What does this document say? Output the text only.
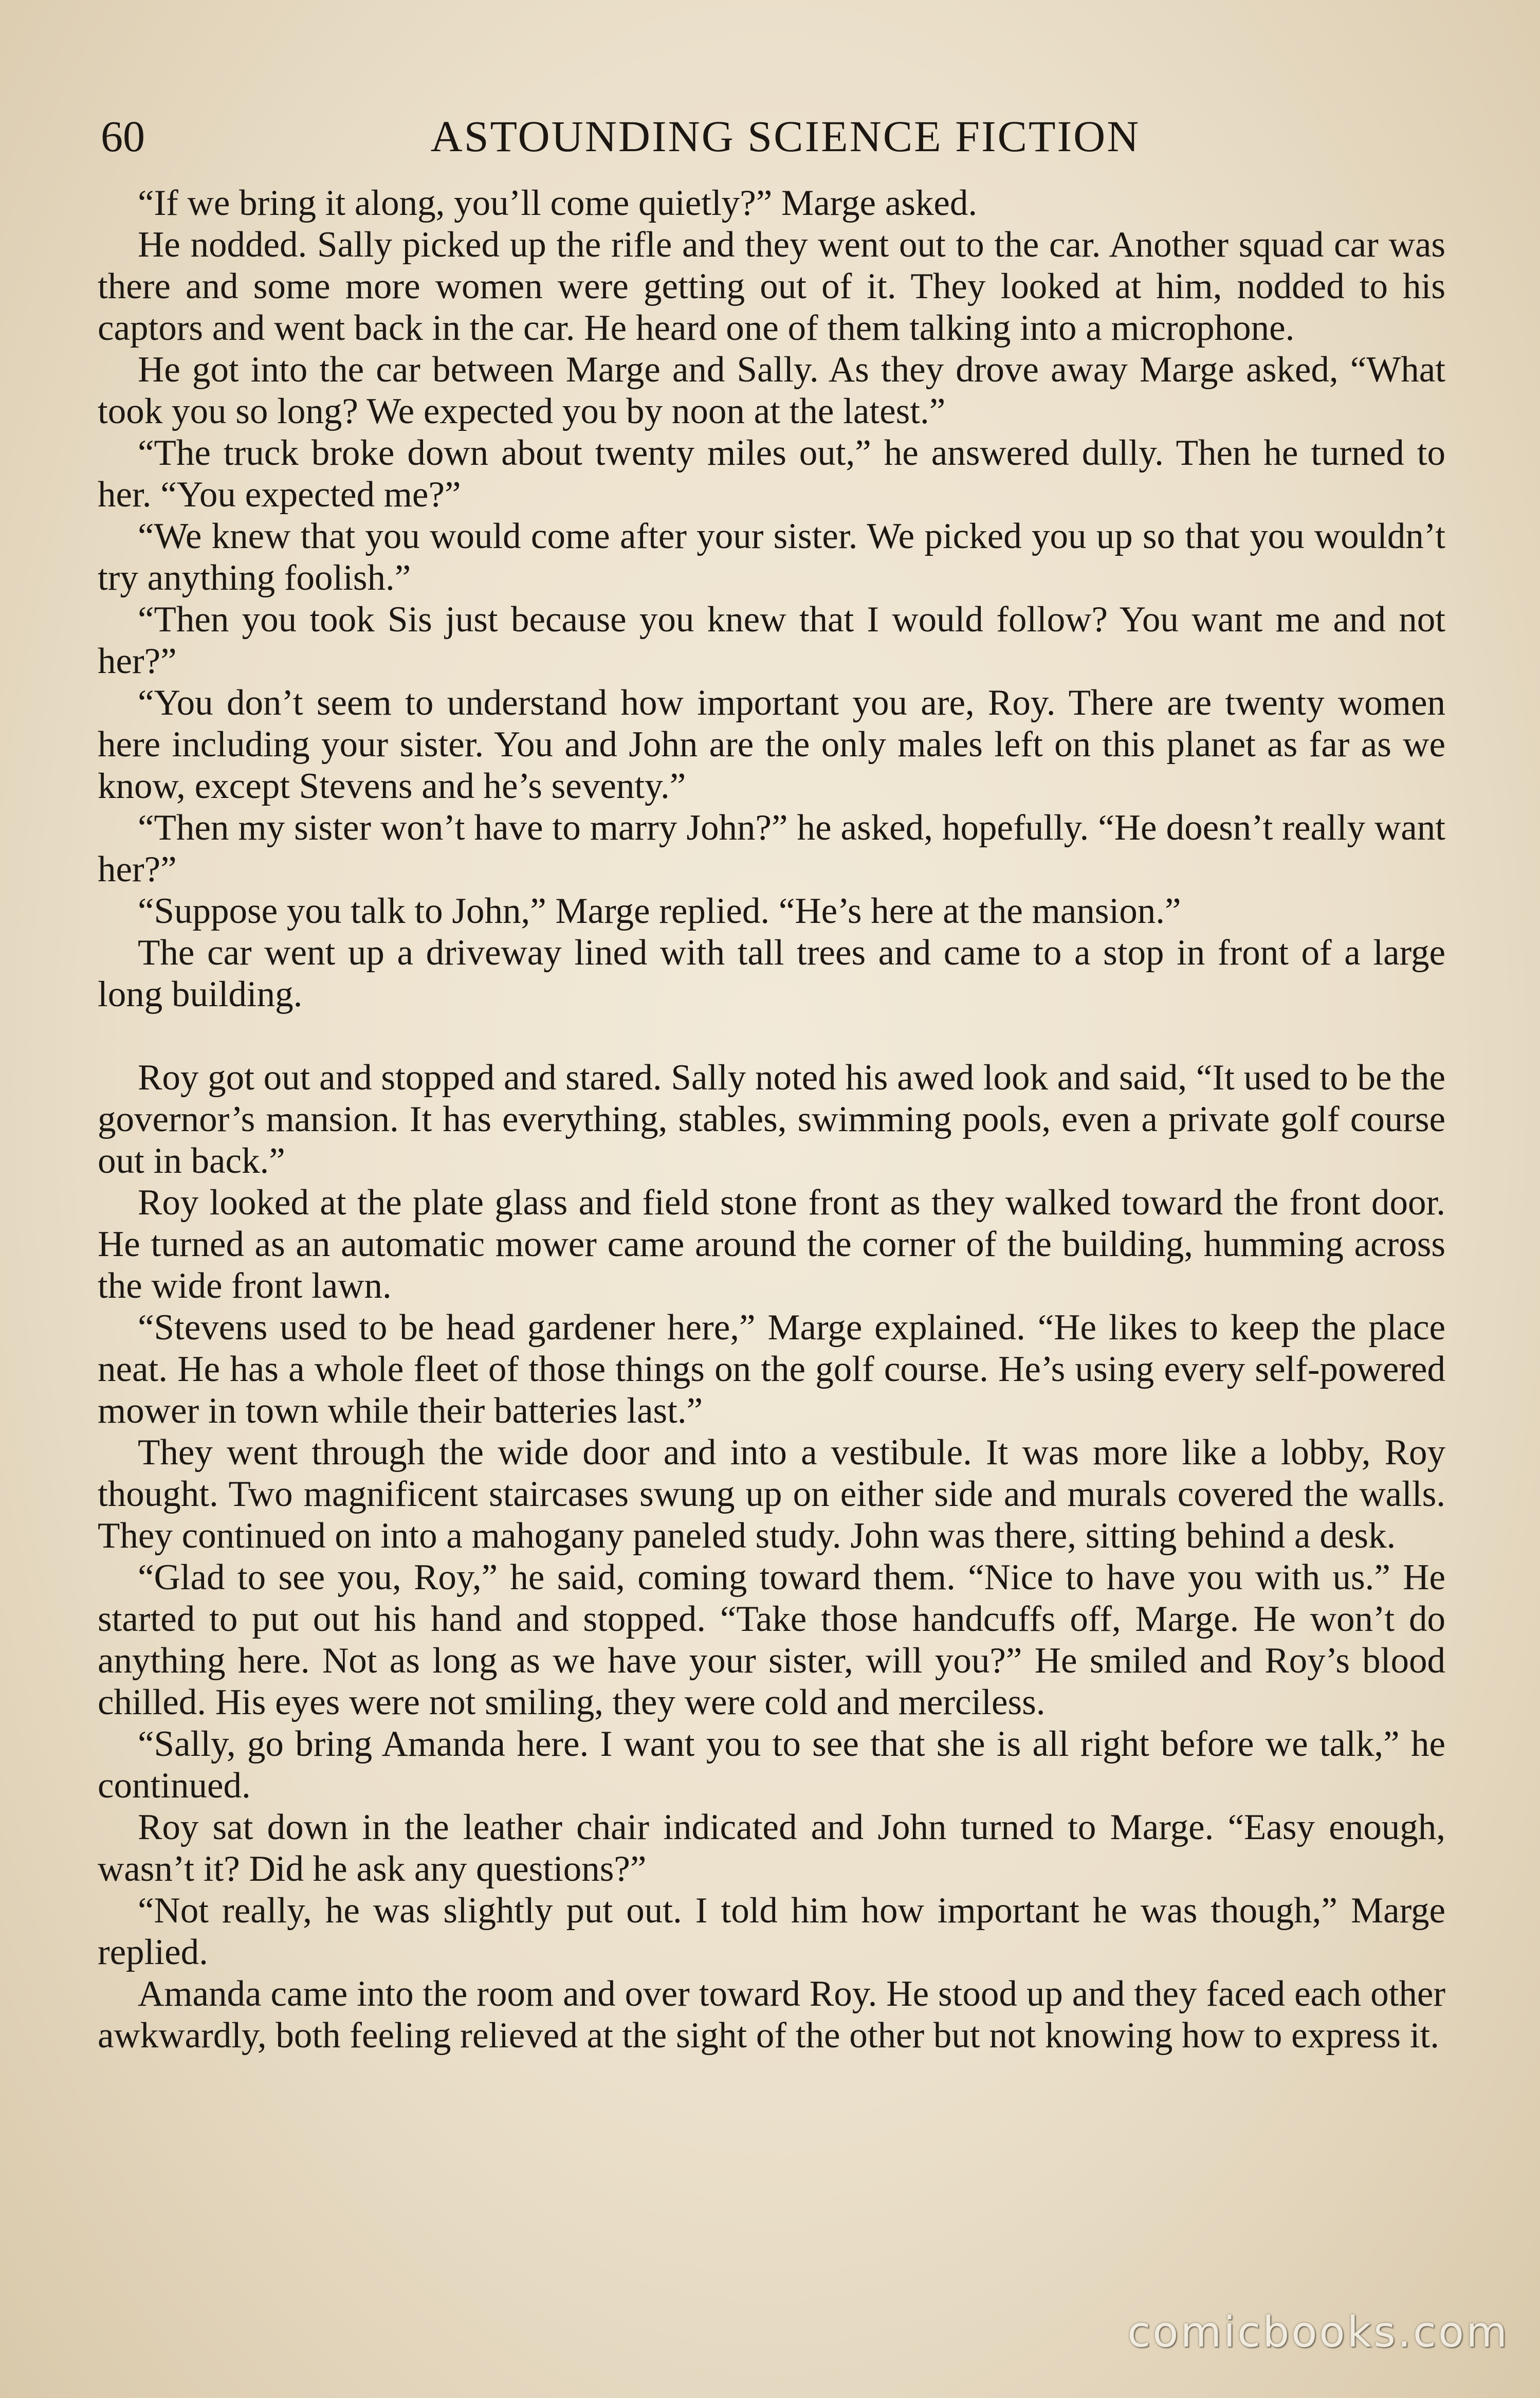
60	ASTOUNDING SCIENCE FICTION

“If we bring it along, you’ll come quietly?” Marge asked.

He nodded. Sally picked up the rifle and they went out to the car. Another squad car was there and some more women were getting out of it. They looked at him, nodded to his captors and went back in the car. He heard one of them talking into a microphone.

He got into the car between Marge and Sally. As they drove away Marge asked, “What took you so long? We expected you by noon at the latest.”

“The truck broke down about twenty miles out,” he answered dully. Then he turned to her. “You expected me?”

“We knew that you would come after your sister. We picked you up so that you wouldn’t try anything foolish.”

“Then you took Sis just because you knew that I would follow? You want me and not her?”

“You don’t seem to understand how important you are, Roy. There are twenty women here including your sister. You and John are the only males left on this planet as far as we know, except Stevens and he’s seventy.”

“Then my sister won’t have to marry John?” he asked, hopefully. “He doesn’t really want her?”

“Suppose you talk to John,” Marge replied. “He’s here at the mansion.”

The car went up a driveway lined with tall trees and came to a stop in front of a large long building.

Roy got out and stopped and stared. Sally noted his awed look and said, “It used to be the governor’s mansion. It has everything, stables, swimming pools, even a private golf course out in back.”

Roy looked at the plate glass and field stone front as they walked toward the front door. He turned as an automatic mower came around the corner of the building, humming across the wide front lawn.

“Stevens used to be head gardener here,” Marge explained. “He likes to keep the place neat. He has a whole fleet of those things on the golf course. He’s using every self-powered mower in town while their batteries last.”

They went through the wide door and into a vestibule. It was more like a lobby, Roy thought. Two magnificent staircases swung up on either side and murals covered the walls. They continued on into a mahogany paneled study. John was there, sitting behind a desk.

“Glad to see you, Roy,” he said, coming toward them. “Nice to have you with us.” He started to put out his hand and stopped. “Take those handcuffs off, Marge. He won’t do anything here. Not as long as we have your sister, will you?” He smiled and Roy’s blood chilled. His eyes were not smiling, they were cold and merciless.

“Sally, go bring Amanda here. I want you to see that she is all right before we talk,” he continued.

Roy sat down in the leather chair indicated and John turned to Marge. “Easy enough, wasn’t it? Did he ask any questions?”

“Not really, he was slightly put out. I told him how important he was though,” Marge replied.

Amanda came into the room and over toward Roy. He stood up and they faced each other awkwardly, both feeling relieved at the sight of the other but not knowing how to express it.

comicbooks.com
